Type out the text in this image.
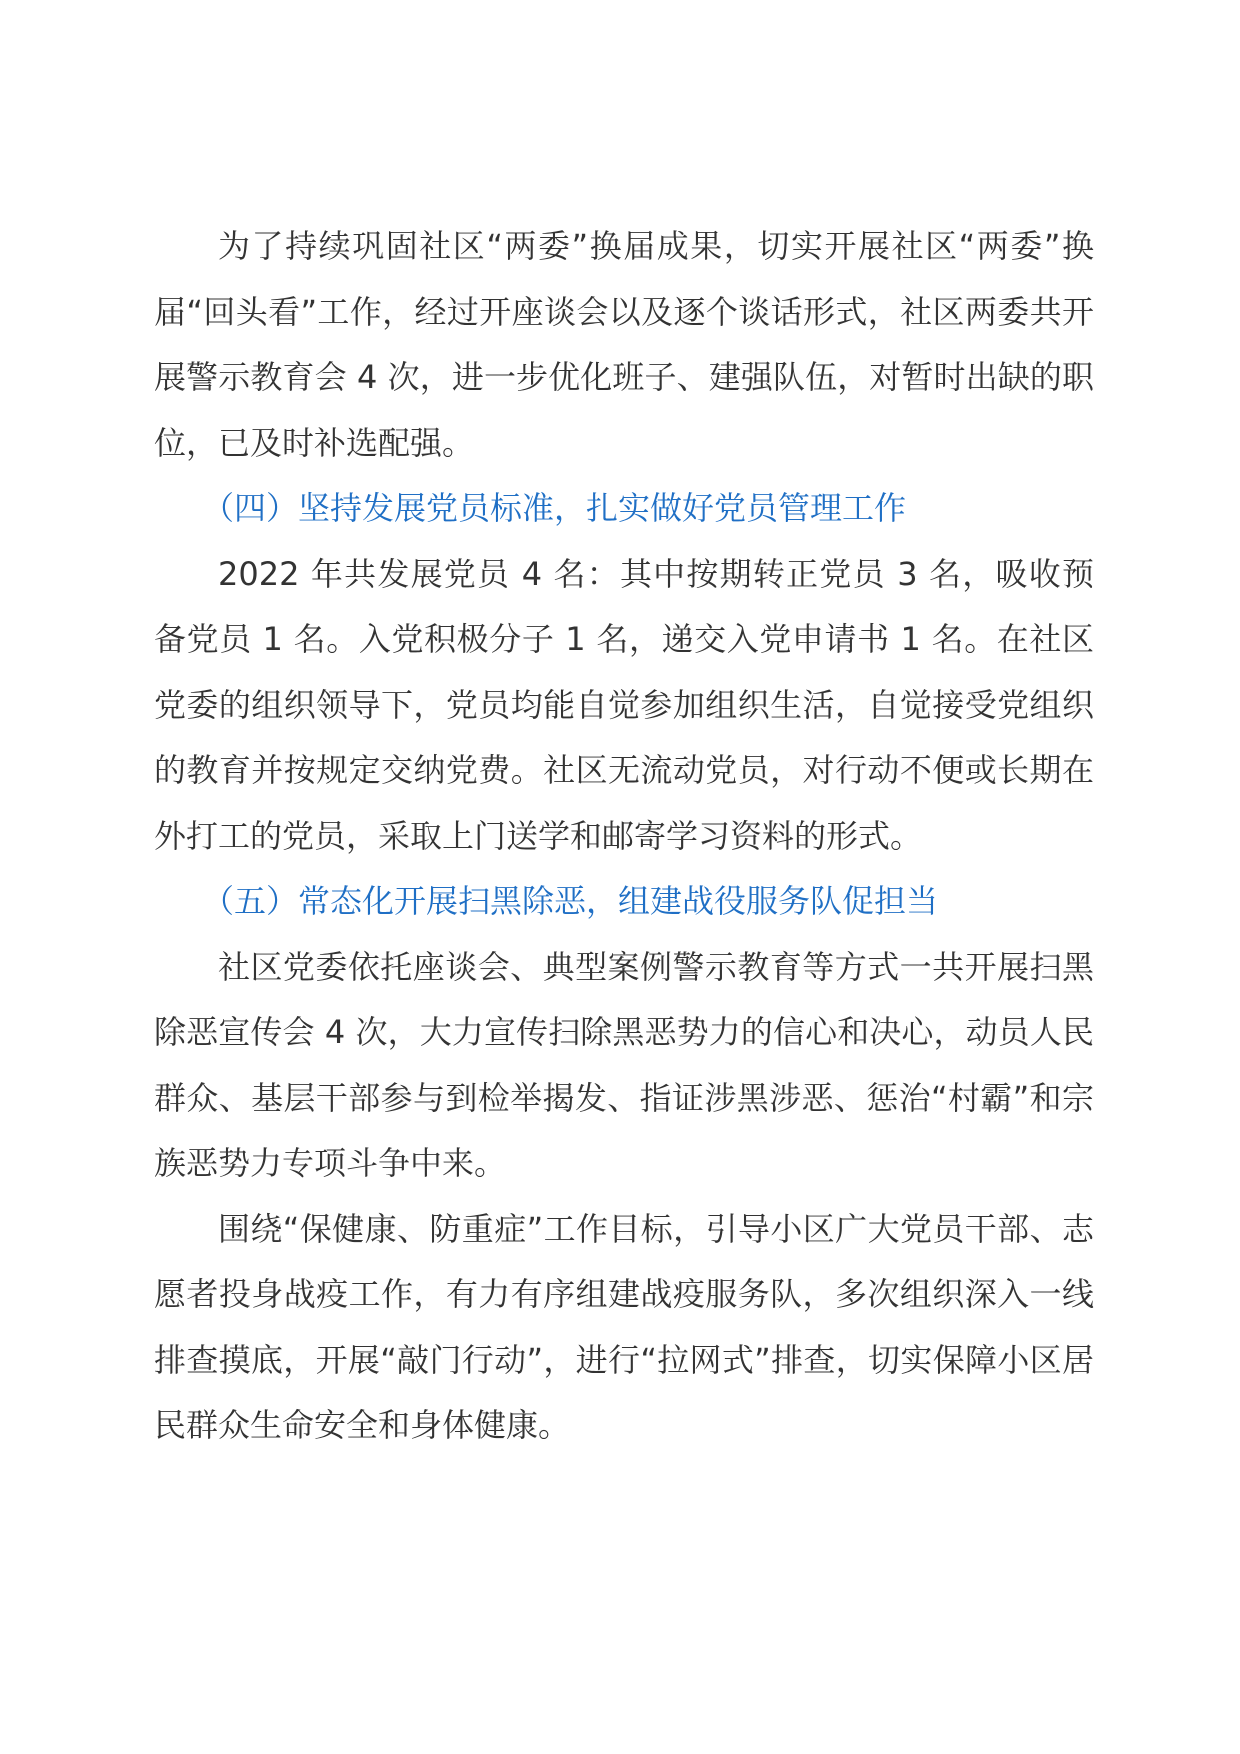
为了持续巩固社区“两委”换届成果，切实开展社区“两委”换届“回头看”工作，经过开座谈会以及逐个谈话形式，社区两委共开展警示教育会 4 次，进一步优化班子、建强队伍，对暂时出缺的职位，已及时补选配强。

（四）坚持发展党员标准，扎实做好党员管理工作

2022 年共发展党员 4 名：其中按期转正党员 3 名，吸收预备党员 1 名。入党积极分子 1 名，递交入党申请书 1 名。在社区党委的组织领导下，党员均能自觉参加组织生活，自觉接受党组织的教育并按规定交纳党费。社区无流动党员，对行动不便或长期在外打工的党员，采取上门送学和邮寄学习资料的形式。

（五）常态化开展扫黑除恶，组建战役服务队促担当

社区党委依托座谈会、典型案例警示教育等方式一共开展扫黑除恶宣传会 4 次，大力宣传扫除黑恶势力的信心和决心，动员人民群众、基层干部参与到检举揭发、指证涉黑涉恶、惩治“村霸”和宗族恶势力专项斗争中来。

围绕“保健康、防重症”工作目标，引导小区广大党员干部、志愿者投身战疫工作，有力有序组建战疫服务队，多次组织深入一线排查摸底，开展“敲门行动”，进行“拉网式”排查，切实保障小区居民群众生命安全和身体健康。
